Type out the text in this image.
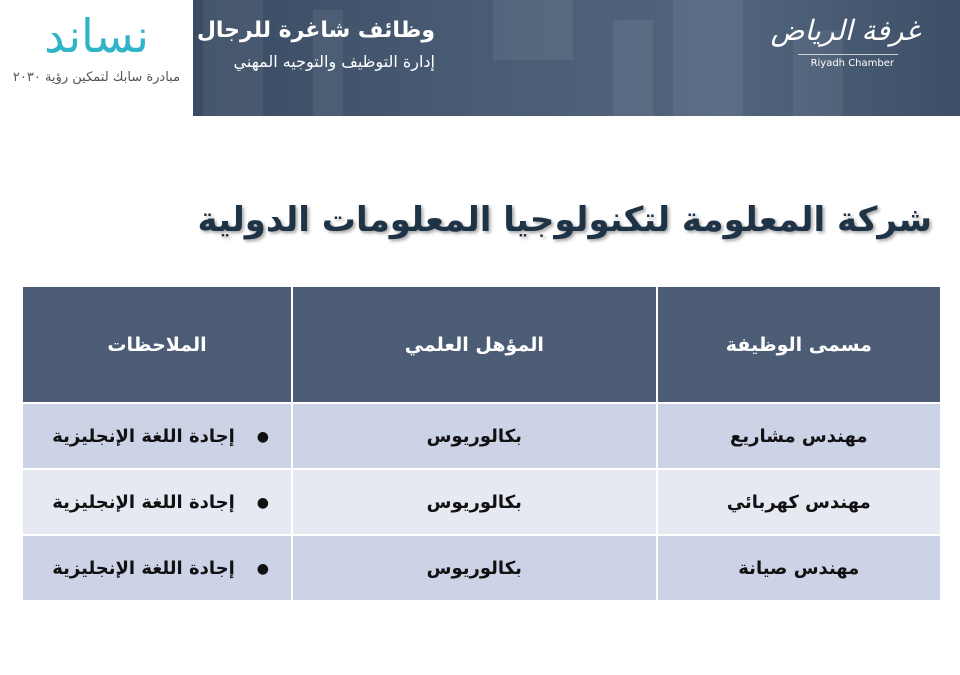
نساند
مبادرة سابك لتمكين رؤية ٢٠٣٠
وظائف شاغرة للرجال
إدارة التوظيف والتوجيه المهني
غرفة الرياض
Riyadh Chamber
شركة المعلومة لتكنولوجيا المعلومات الدولية
مسمى الوظيفة	المؤهل العلمي	الملاحظات
مهندس مشاريع	بكالوريوس	●إجادة اللغة الإنجليزية
مهندس كهربائي	بكالوريوس	●إجادة اللغة الإنجليزية
مهندس صيانة	بكالوريوس	●إجادة اللغة الإنجليزية
